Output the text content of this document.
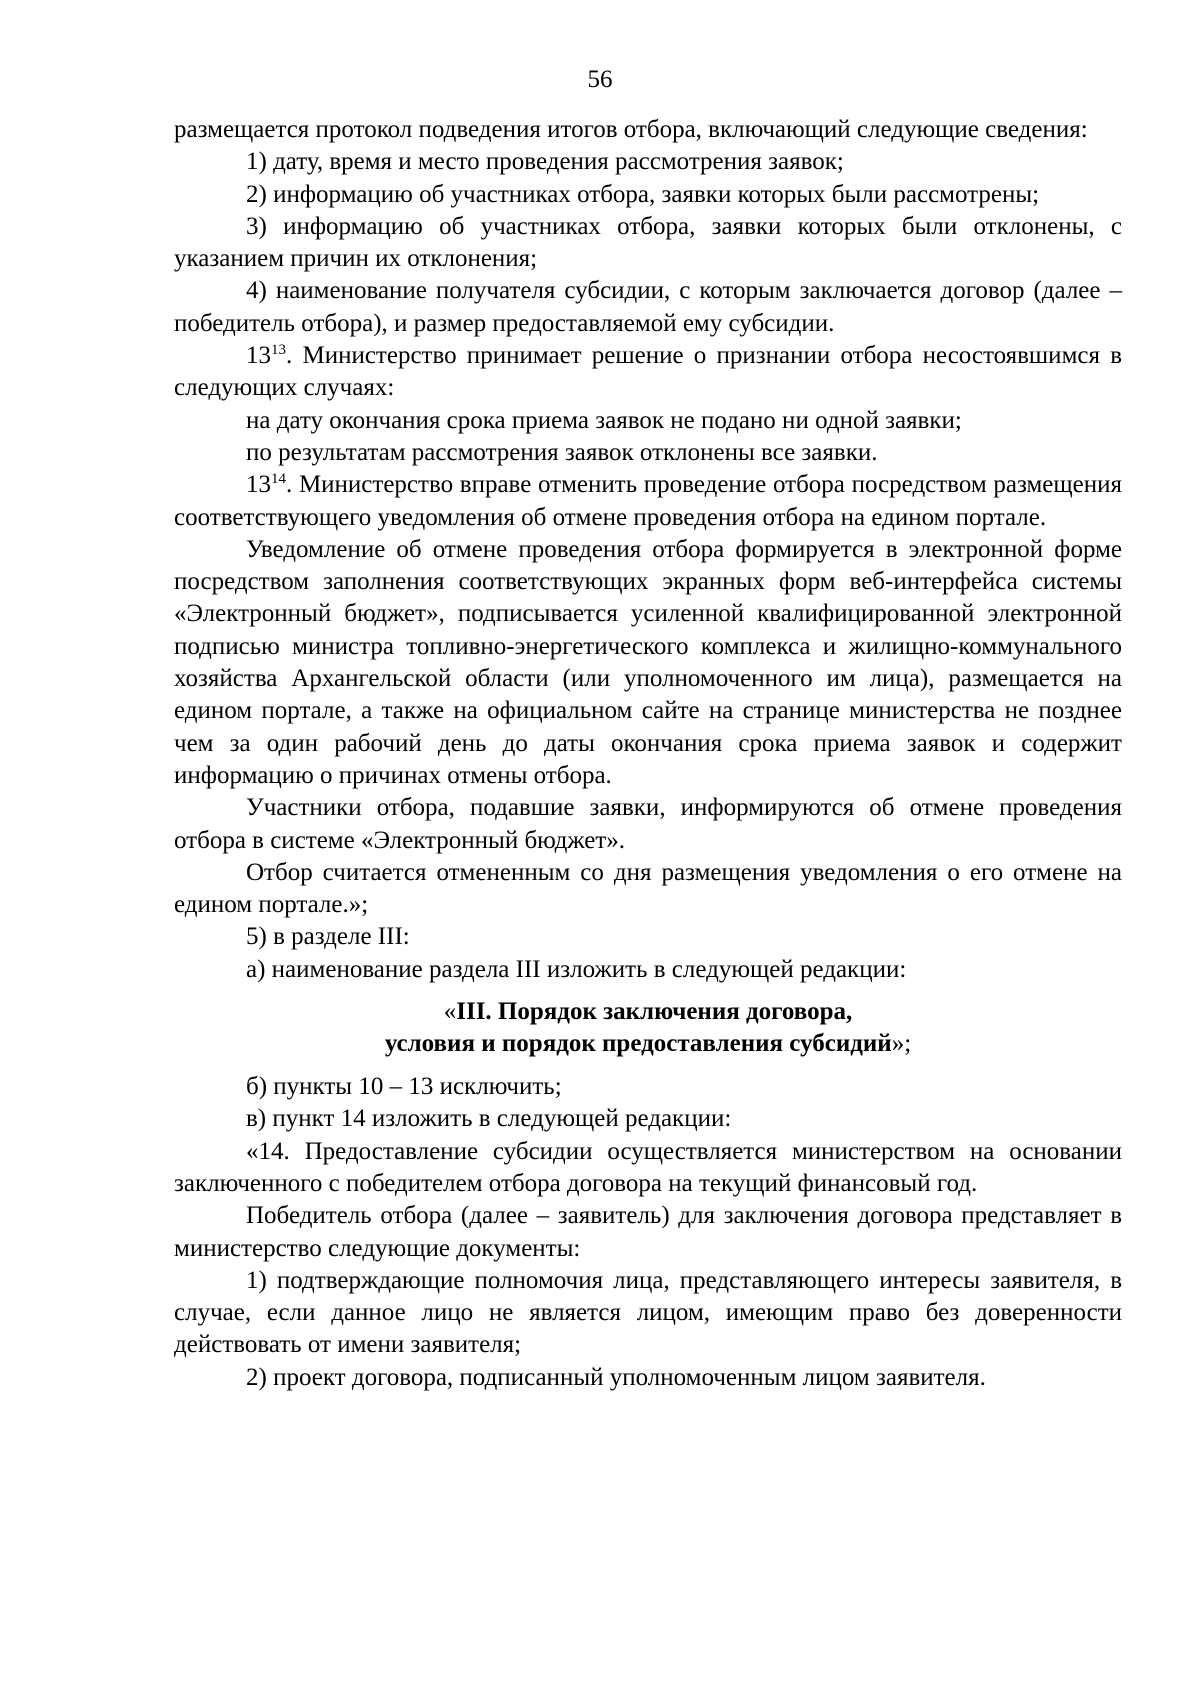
56

размещается протокол подведения итогов отбора, включающий следующие сведения:

1) дату, время и место проведения рассмотрения заявок;

2) информацию об участниках отбора, заявки которых были рассмотрены;

3) информацию об участниках отбора, заявки которых были отклонены, с указанием причин их отклонения;

4) наименование получателя субсидии, с которым заключается договор (далее – победитель отбора), и размер предоставляемой ему субсидии.

$13^{13}$. Министерство принимает решение о признании отбора несостоявшимся в следующих случаях:

на дату окончания срока приема заявок не подано ни одной заявки;

по результатам рассмотрения заявок отклонены все заявки.

$13^{14}$. Министерство вправе отменить проведение отбора посредством размещения соответствующего уведомления об отмене проведения отбора на едином портале.

Уведомление об отмене проведения отбора формируется в электронной форме посредством заполнения соответствующих экранных форм веб-интерфейса системы «Электронный бюджет», подписывается усиленной квалифицированной электронной подписью министра топливно-энергетического комплекса и жилищно-коммунального хозяйства Архангельской области (или уполномоченного им лица), размещается на едином портале, а также на официальном сайте на странице министерства не позднее чем за один рабочий день до даты окончания срока приема заявок и содержит информацию о причинах отмены отбора.

Участники отбора, подавшие заявки, информируются об отмене проведения отбора в системе «Электронный бюджет».

Отбор считается отмененным со дня размещения уведомления о его отмене на едином портале.»;

5) в разделе III:

а) наименование раздела III изложить в следующей редакции:

«III. Порядок заключения договора,
условия и порядок предоставления субсидий»;

б) пункты 10 – 13 исключить;

в) пункт 14 изложить в следующей редакции:

«14. Предоставление субсидии осуществляется министерством на основании заключенного с победителем отбора договора на текущий финансовый год.

Победитель отбора (далее – заявитель) для заключения договора представляет в министерство следующие документы:

1) подтверждающие полномочия лица, представляющего интересы заявителя, в случае, если данное лицо не является лицом, имеющим право без доверенности действовать от имени заявителя;

2) проект договора, подписанный уполномоченным лицом заявителя.
